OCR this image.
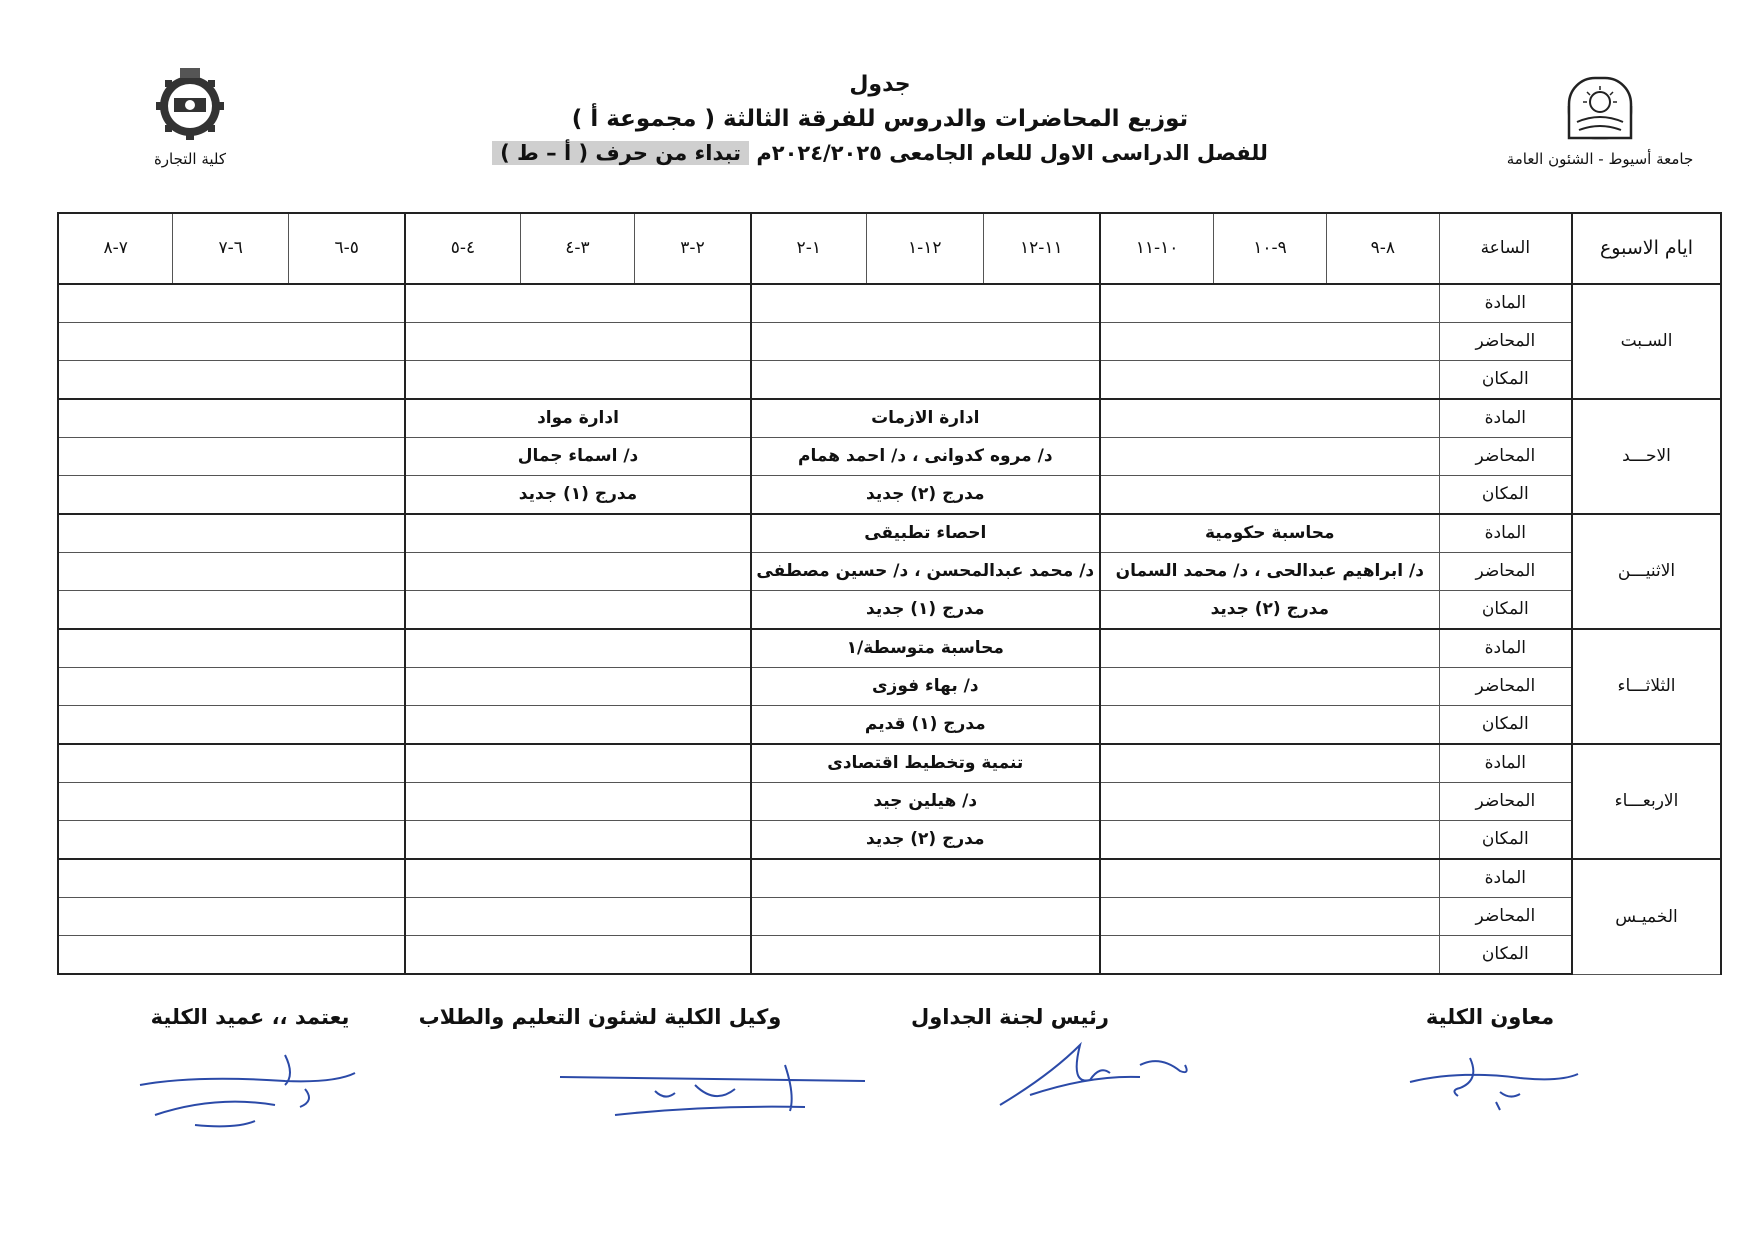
جدول
توزيع المحاضرات والدروس للفرقة الثالثة ( مجموعة أ )
للفصل الدراسى الاول للعام الجامعى ٢٠٢٤/٢٠٢٥م تبداء من حرف ( أ – ط )	جامعة أسيوط - الشئون العامة
كلية التجارة
ايام الاسبوع	الساعة	٨-٩	٩-١٠	١٠-١١	١١-١٢	١٢-١	١-٢	٢-٣	٣-٤	٤-٥	٥-٦	٦-٧	٧-٨
السـبت	المادة												
	المحاضر												
	المكان												
الاحـــد	المادة				ادارة الازمات			ادارة مواد					
	المحاضر				د/ مروه كدوانى ، د/ احمد همام			د/ اسماء جمال					
	المكان				مدرج (٢) جديد			مدرج (١) جديد					
الاثنيـــن	المادة	محاسبة حكومية			احصاء تطبيقى								
	المحاضر	د/ ابراهيم عبدالحى ، د/ محمد السمان			د/ محمد عبدالمحسن ، د/ حسين مصطفى								
	المكان	مدرج (٢) جديد			مدرج (١) جديد								
الثلاثـــاء	المادة				محاسبة متوسطة/١								
	المحاضر				د/ بهاء فوزى								
	المكان				مدرج (١) قديم								
الاربعـــاء	المادة				تنمية وتخطيط اقتصادى								
	المحاضر				د/ هيلين جيد								
	المكان				مدرج (٢) جديد								
الخميـس	المادة												
	المحاضر												
	المكان												
معاون الكلية
رئيس لجنة الجداول
وكيل الكلية لشئون التعليم والطلاب
يعتمد ،، عميد الكلية
